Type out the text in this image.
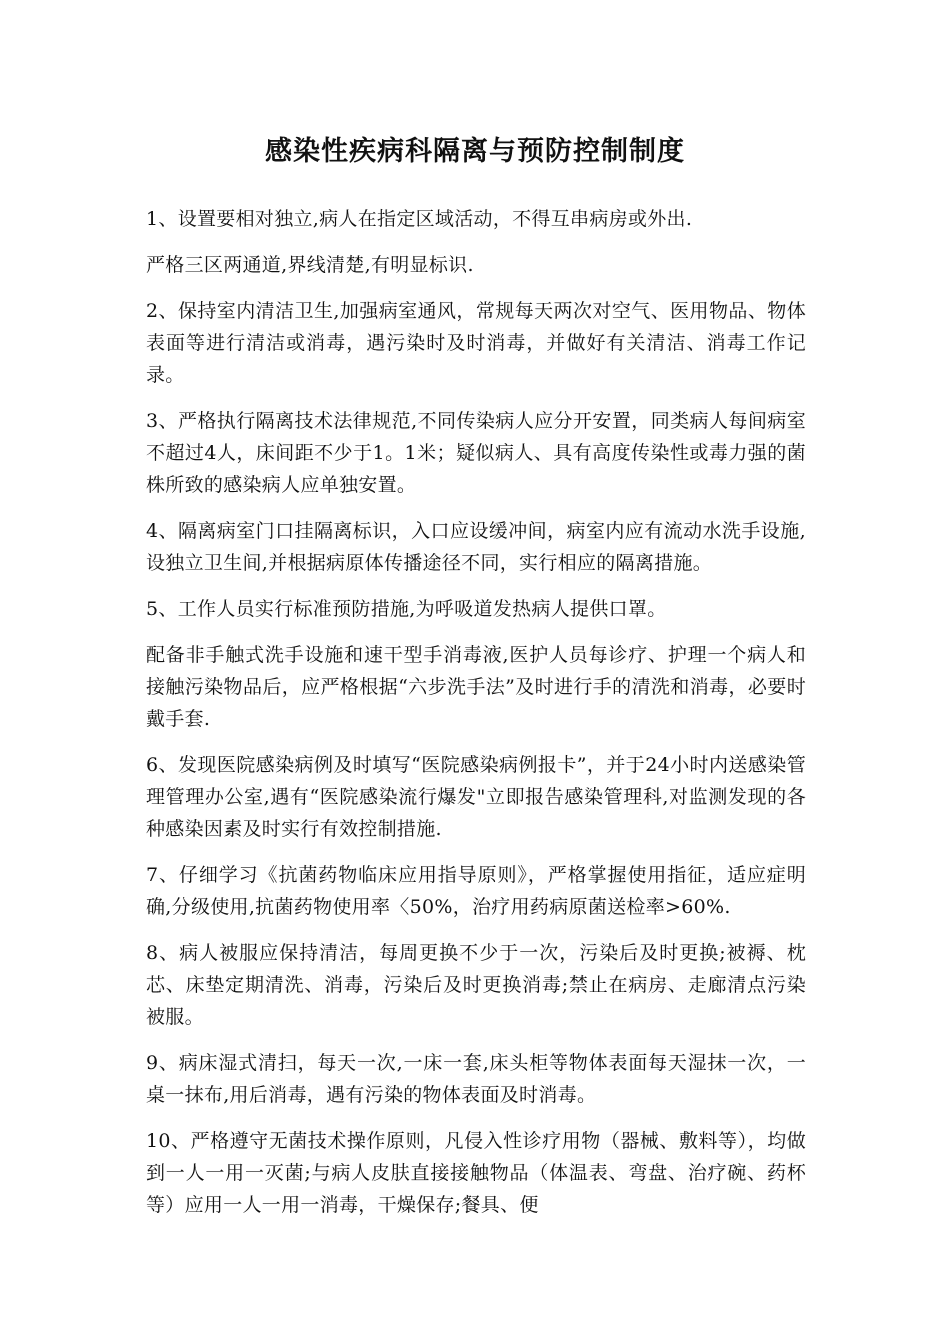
感染性疾病科隔离与预防控制制度

1、设置要相对独立,病人在指定区域活动，不得互串病房或外出.

严格三区两通道,界线清楚,有明显标识.

2、保持室内清洁卫生,加强病室通风，常规每天两次对空气、医用物品、物体表面等进行清洁或消毒，遇污染时及时消毒，并做好有关清洁、消毒工作记录。

3、严格执行隔离技术法律规范,不同传染病人应分开安置，同类病人每间病室不超过4人，床间距不少于1。1米；疑似病人、具有高度传染性或毒力强的菌株所致的感染病人应单独安置。

4、隔离病室门口挂隔离标识，入口应设缓冲间，病室内应有流动水洗手设施,设独立卫生间,并根据病原体传播途径不同，实行相应的隔离措施。

5、工作人员实行标准预防措施,为呼吸道发热病人提供口罩。

配备非手触式洗手设施和速干型手消毒液,医护人员每诊疗、护理一个病人和接触污染物品后，应严格根据“六步洗手法”及时进行手的清洗和消毒，必要时戴手套.

6、发现医院感染病例及时填写“医院感染病例报卡”，并于24小时内送感染管理管理办公室,遇有“医院感染流行爆发"立即报告感染管理科,对监测发现的各种感染因素及时实行有效控制措施.

7、仔细学习《抗菌药物临床应用指导原则》，严格掌握使用指征，适应症明确,分级使用,抗菌药物使用率〈50%，治疗用药病原菌送检率>60%.

8、病人被服应保持清洁，每周更换不少于一次，污染后及时更换;被褥、枕芯、床垫定期清洗、消毒，污染后及时更换消毒;禁止在病房、走廊清点污染被服。

9、病床湿式清扫，每天一次,一床一套,床头柜等物体表面每天湿抹一次，一桌一抹布,用后消毒，遇有污染的物体表面及时消毒。

10、严格遵守无菌技术操作原则，凡侵入性诊疗用物（器械、敷料等），均做到一人一用一灭菌;与病人皮肤直接接触物品（体温表、弯盘、治疗碗、药杯等）应用一人一用一消毒，干燥保存;餐具、便
